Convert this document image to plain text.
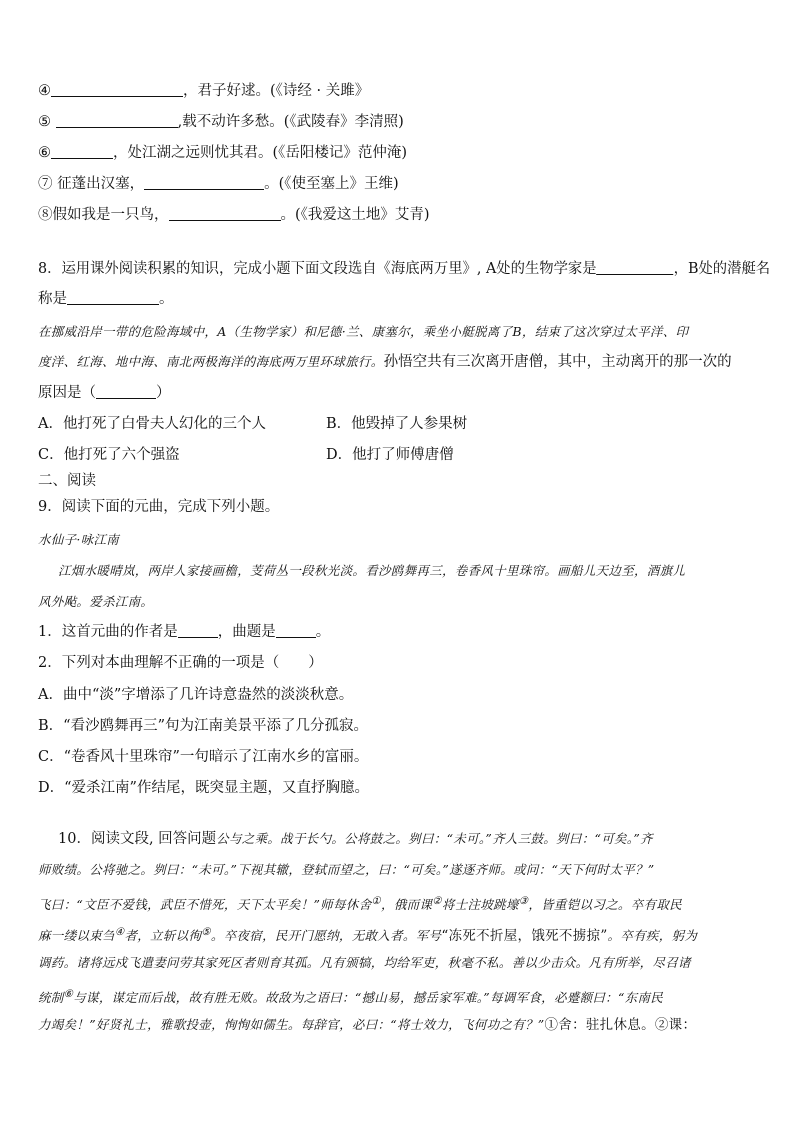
④	，君子好逑。(《诗经 · 关雎》
⑤	,载不动许多愁。(《武陵春》李清照)
⑥	，处江湖之远则忧其君。(《岳阳楼记》范仲淹)
⑦ 征蓬出汉塞，	。(《使至塞上》王维)
⑧假如我是一只鸟，	。(《我爱这土地》艾青)
8．运用课外阅读积累的知识，完成小题下面文段选自《海底两万里》, A处的生物学家是	，B处的潜艇名
称是	。
在挪威沿岸一带的危险海域中，A（生物学家）和尼德·兰、康塞尔，乘坐小艇脱离了B，结束了这次穿过太平洋、印
度洋、红海、地中海、南北两极海洋的海底两万里环球旅行。孙悟空共有三次离开唐僧，其中，主动离开的那一次的
原因是（	）
A．他打死了白骨夫人幻化的三个人	B．他毁掉了人参果树
C．他打死了六个强盗	D．他打了师傅唐僧
二、阅读
9．阅读下面的元曲，完成下列小题。
水仙子·咏江南
江烟水暖晴岚，两岸人家接画檐，芰荷丛一段秋光淡。看沙鸥舞再三，卷香风十里珠帘。画船儿天边至，酒旗儿
风外飐。爱杀江南。
1．这首元曲的作者是	，曲题是	。
2．下列对本曲理解不正确的一项是（　　）
A．曲中“淡”字增添了几许诗意盎然的淡淡秋意。
B．“看沙鸥舞再三”句为江南美景平添了几分孤寂。
C．“卷香风十里珠帘”一句暗示了江南水乡的富丽。
D．“爱杀江南”作结尾，既突显主题，又直抒胸臆。
10．阅读文段, 回答问题公与之乘。战于长勺。公将鼓之。刿曰：“未可。”齐人三鼓。刿曰：“可矣。”齐
师败绩。公将驰之。刿曰：“未可。”下视其辙，登轼而望之，曰：“可矣。”遂逐齐师。或问：“天下何时太平？”
飞曰：“文臣不爱钱，武臣不惜死，天下太平矣！”师每休舍①，俄而课②将士注坡跳壕③，皆重铠以习之。卒有取民
麻一缕以束刍④者，立斩以徇⑤。卒夜宿，民开门愿纳，无敢入者。军号“冻死不折屋，饿死不掳掠”。卒有疾，躬为
调药。诸将远戍飞遣妻问劳其家死区者则育其孤。凡有颁犒，均给军吏，秋毫不私。善以少击众。凡有所举，尽召诸
统制⑥与谋，谋定而后战，故有胜无败。故敌为之语曰：“撼山易，撼岳家军难。”每调军食，必蹙额曰：“东南民
力竭矣！”好贤礼士，雅歌投壶，恂恂如儒生。每辞官，必曰：“将士效力，飞何功之有？”①舍：驻扎休息。②课：
